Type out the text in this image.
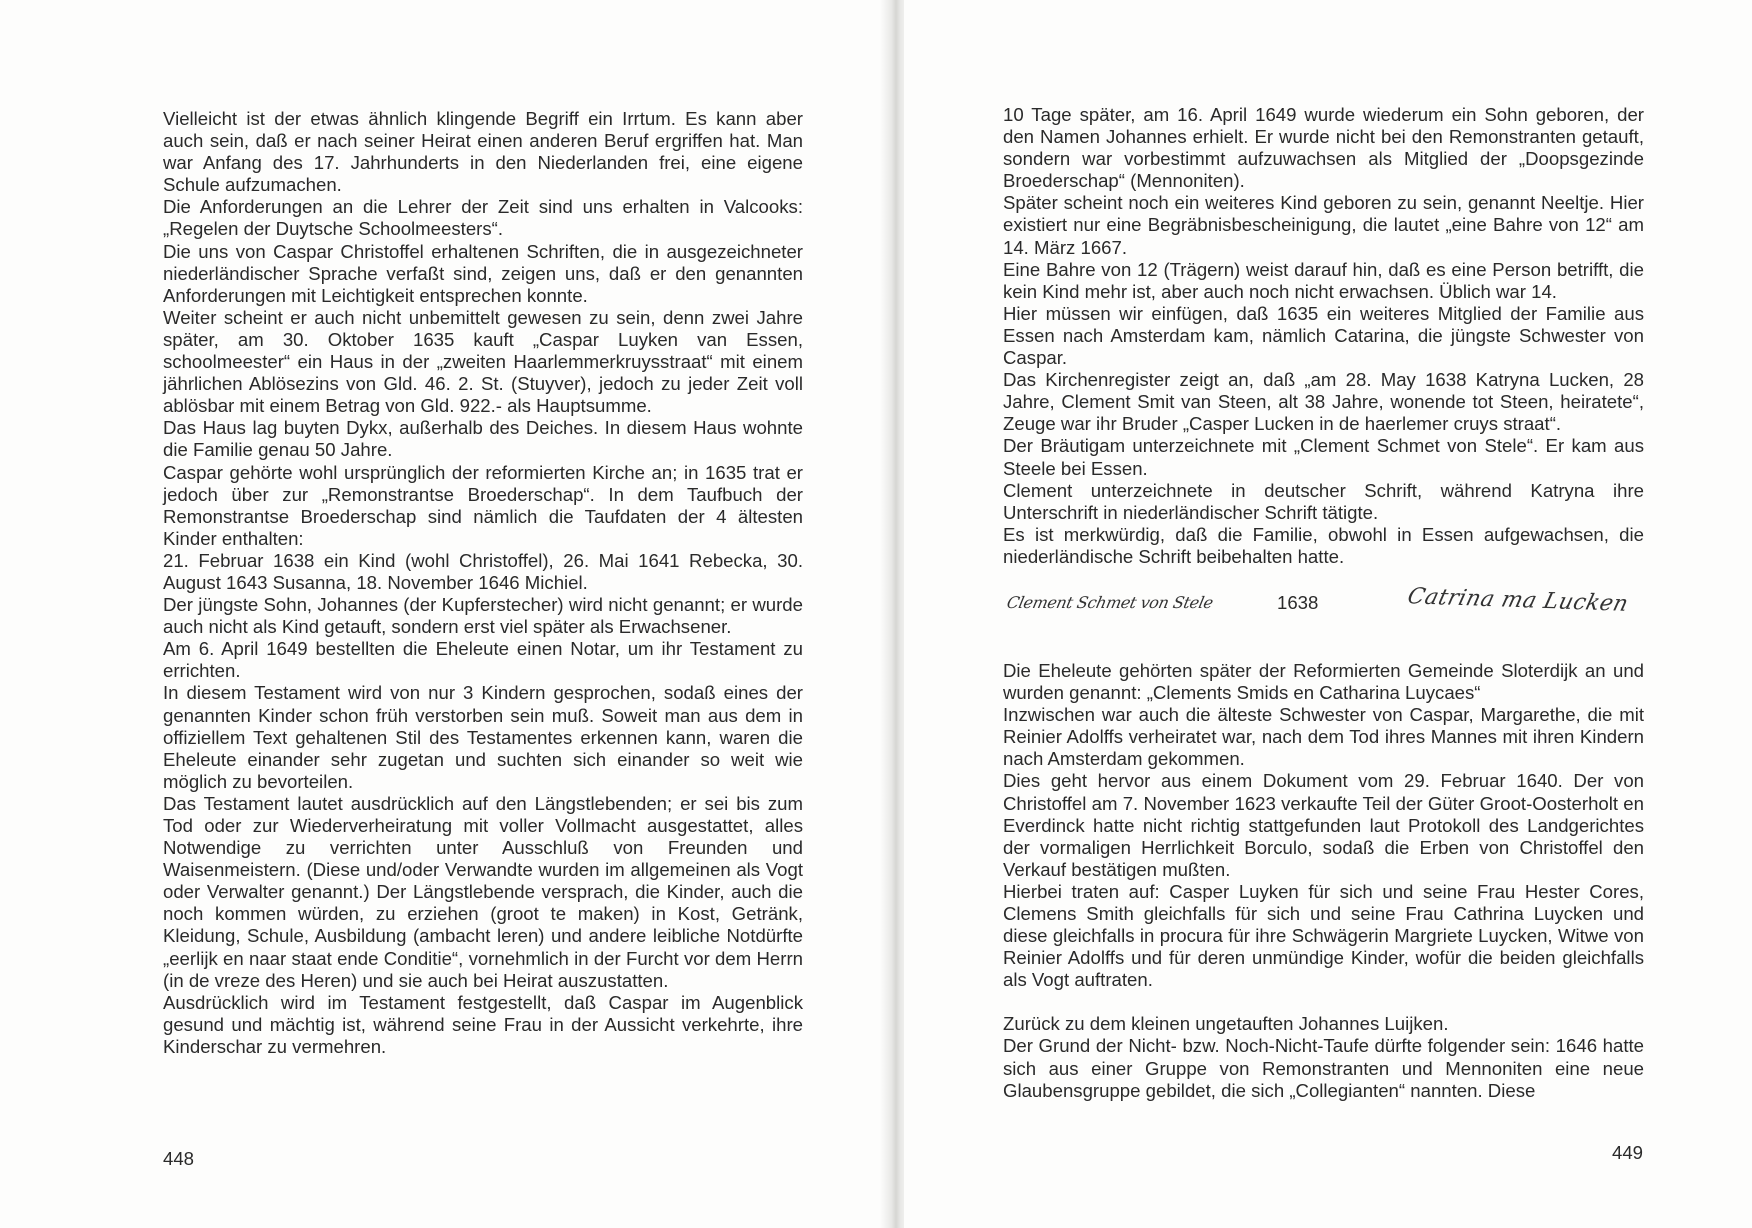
Vielleicht ist der etwas ähnlich klingende Begriff ein Irrtum. Es kann aber auch sein, daß er nach seiner Heirat einen anderen Beruf ergriffen hat. Man war Anfang des 17. Jahrhunderts in den Niederlanden frei, eine eigene Schule aufzumachen.

Die Anforderungen an die Lehrer der Zeit sind uns erhalten in Valcooks: „Regelen der Duytsche Schoolmeesters“.

Die uns von Caspar Christoffel erhaltenen Schriften, die in ausgezeichneter niederländischer Sprache verfaßt sind, zeigen uns, daß er den genannten Anforderungen mit Leichtigkeit entsprechen konnte.

Weiter scheint er auch nicht unbemittelt gewesen zu sein, denn zwei Jahre später, am 30. Oktober 1635 kauft „Caspar Luyken van Essen, schoolmeester“ ein Haus in der „zweiten Haarlemmerkruysstraat“ mit einem jährlichen Ablösezins von Gld. 46. 2. St. (Stuyver), jedoch zu jeder Zeit voll ablösbar mit einem Betrag von Gld. 922.- als Hauptsumme.

Das Haus lag buyten Dykx, außerhalb des Deiches. In diesem Haus wohnte die Familie genau 50 Jahre.

Caspar gehörte wohl ursprünglich der reformierten Kirche an; in 1635 trat er jedoch über zur „Remonstrantse Broederschap“. In dem Taufbuch der Remonstrantse Broederschap sind nämlich die Taufdaten der 4 ältesten Kinder enthalten:

21. Februar 1638 ein Kind (wohl Christoffel), 26. Mai 1641 Rebecka, 30. August 1643 Susanna, 18. November 1646 Michiel.

Der jüngste Sohn, Johannes (der Kupferstecher) wird nicht genannt; er wurde auch nicht als Kind getauft, sondern erst viel später als Erwachsener.

Am 6. April 1649 bestellten die Eheleute einen Notar, um ihr Testament zu errichten.

In diesem Testament wird von nur 3 Kindern gesprochen, sodaß eines der genannten Kinder schon früh verstorben sein muß. Soweit man aus dem in offiziellem Text gehaltenen Stil des Testamentes erkennen kann, waren die Eheleute einander sehr zugetan und suchten sich einander so weit wie möglich zu bevorteilen.

Das Testament lautet ausdrücklich auf den Längstlebenden; er sei bis zum Tod oder zur Wiederverheiratung mit voller Vollmacht ausgestattet, alles Notwendige zu verrichten unter Ausschluß von Freunden und Waisenmeistern. (Diese und/oder Verwandte wurden im allgemeinen als Vogt oder Verwalter genannt.) Der Längstlebende versprach, die Kinder, auch die noch kommen würden, zu erziehen (groot te maken) in Kost, Getränk, Kleidung, Schule, Ausbildung (ambacht leren) und andere leibliche Notdürfte „eerlijk en naar staat ende Conditie“, vornehmlich in der Furcht vor dem Herrn (in de vreze des Heren) und sie auch bei Heirat auszustatten.

Ausdrücklich wird im Testament festgestellt, daß Caspar im Augenblick gesund und mächtig ist, während seine Frau in der Aussicht verkehrte, ihre Kinderschar zu vermehren.

448

10 Tage später, am 16. April 1649 wurde wiederum ein Sohn geboren, der den Namen Johannes erhielt. Er wurde nicht bei den Remonstranten getauft, sondern war vorbestimmt aufzuwachsen als Mitglied der „Doopsgezinde Broederschap“ (Mennoniten).

Später scheint noch ein weiteres Kind geboren zu sein, genannt Neeltje. Hier existiert nur eine Begräbnisbescheinigung, die lautet „eine Bahre von 12“ am 14. März 1667.

Eine Bahre von 12 (Trägern) weist darauf hin, daß es eine Person betrifft, die kein Kind mehr ist, aber auch noch nicht erwachsen. Üblich war 14.

Hier müssen wir einfügen, daß 1635 ein weiteres Mitglied der Familie aus Essen nach Amsterdam kam, nämlich Catarina, die jüngste Schwester von Caspar.

Das Kirchenregister zeigt an, daß „am 28. May 1638 Katryna Lucken, 28 Jahre, Clement Smit van Steen, alt 38 Jahre, wonende tot Steen, heiratete“, Zeuge war ihr Bruder „Casper Lucken in de haerlemer cruys straat“.

Der Bräutigam unterzeichnete mit „Clement Schmet von Stele“. Er kam aus Steele bei Essen.

Clement unterzeichnete in deutscher Schrift, während Katryna ihre Unterschrift in niederländischer Schrift tätigte.

Es ist merkwürdig, daß die Familie, obwohl in Essen aufgewachsen, die niederländische Schrift beibehalten hatte.

Clement Schmet von Stele	1638	Catrina ma Lucken

Die Eheleute gehörten später der Reformierten Gemeinde Sloterdijk an und wurden genannt: „Clements Smids en Catharina Luycaes“

Inzwischen war auch die älteste Schwester von Caspar, Margarethe, die mit Reinier Adolffs verheiratet war, nach dem Tod ihres Mannes mit ihren Kindern nach Amsterdam gekommen.

Dies geht hervor aus einem Dokument vom 29. Februar 1640. Der von Christoffel am 7. November 1623 verkaufte Teil der Güter Groot-Oosterholt en Everdinck hatte nicht richtig stattgefunden laut Protokoll des Landgerichtes der vormaligen Herrlichkeit Borculo, sodaß die Erben von Christoffel den Verkauf bestätigen mußten.

Hierbei traten auf: Casper Luyken für sich und seine Frau Hester Cores, Clemens Smith gleichfalls für sich und seine Frau Cathrina Luycken und diese gleichfalls in procura für ihre Schwägerin Margriete Luycken, Witwe von Reinier Adolffs und für deren unmündige Kinder, wofür die beiden gleichfalls als Vogt auftraten.

Zurück zu dem kleinen ungetauften Johannes Luijken.

Der Grund der Nicht- bzw. Noch-Nicht-Taufe dürfte folgender sein: 1646 hatte sich aus einer Gruppe von Remonstranten und Mennoniten eine neue Glaubensgruppe gebildet, die sich „Collegianten“ nannten. Diese

449
